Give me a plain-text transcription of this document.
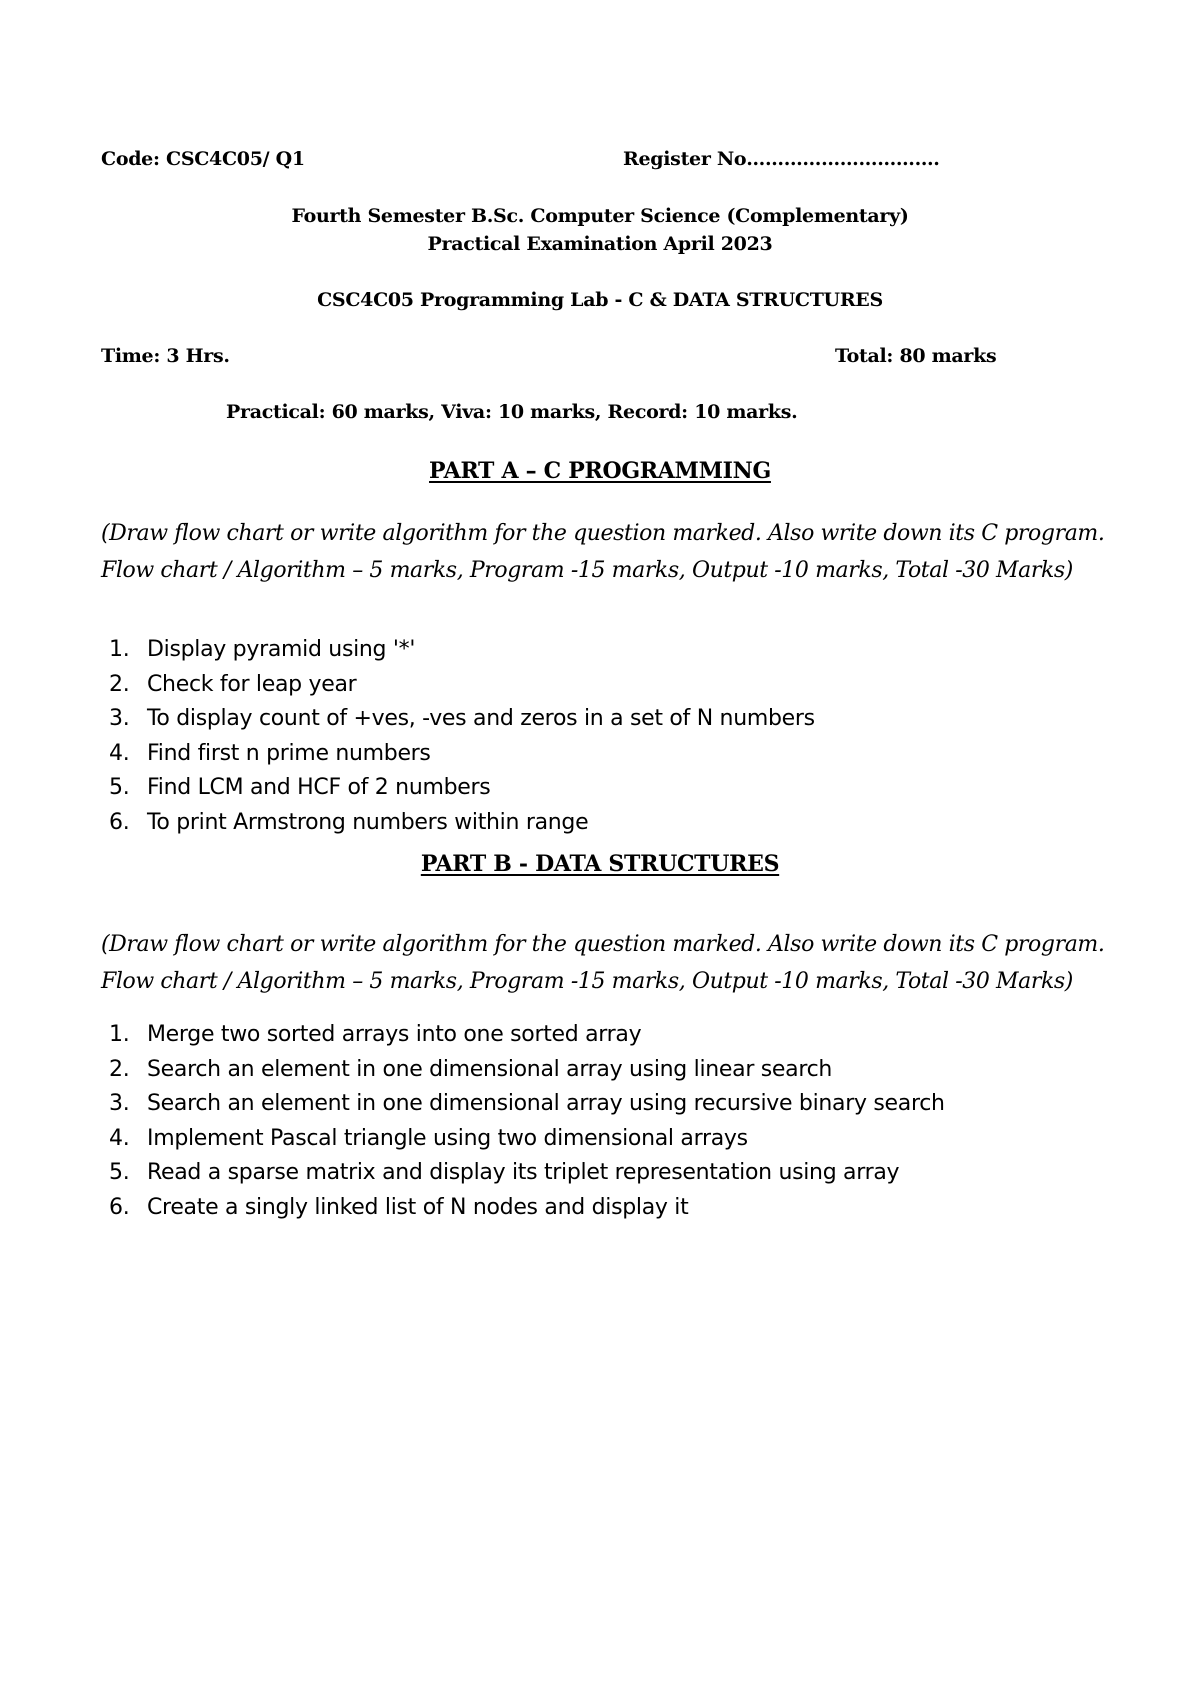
Code: CSC4C05/ Q1	Register No………………………….
Fourth Semester B.Sc. Computer Science (Complementary)
Practical Examination April 2023
CSC4C05 Programming Lab - C & DATA STRUCTURES
Time: 3 Hrs.	Total: 80 marks
Practical: 60 marks, Viva: 10 marks, Record: 10 marks.
PART A – C PROGRAMMING
(Draw flow chart or write algorithm for the question marked. Also write down its C program.
Flow chart / Algorithm – 5 marks, Program -15 marks, Output -10 marks, Total -30 Marks)
1. Display pyramid using '*'
2. Check for leap year
3. To display count of +ves, -ves and zeros in a set of N numbers
4. Find first n prime numbers
5. Find LCM and HCF of 2 numbers
6. To print Armstrong numbers within range
PART B - DATA STRUCTURES
(Draw flow chart or write algorithm for the question marked. Also write down its C program.
Flow chart / Algorithm – 5 marks, Program -15 marks, Output -10 marks, Total -30 Marks)
1. Merge two sorted arrays into one sorted array
2. Search an element in one dimensional array using linear search
3. Search an element in one dimensional array using recursive binary search
4. Implement Pascal triangle using two dimensional arrays
5. Read a sparse matrix and display its triplet representation using array
6. Create a singly linked list of N nodes and display it
